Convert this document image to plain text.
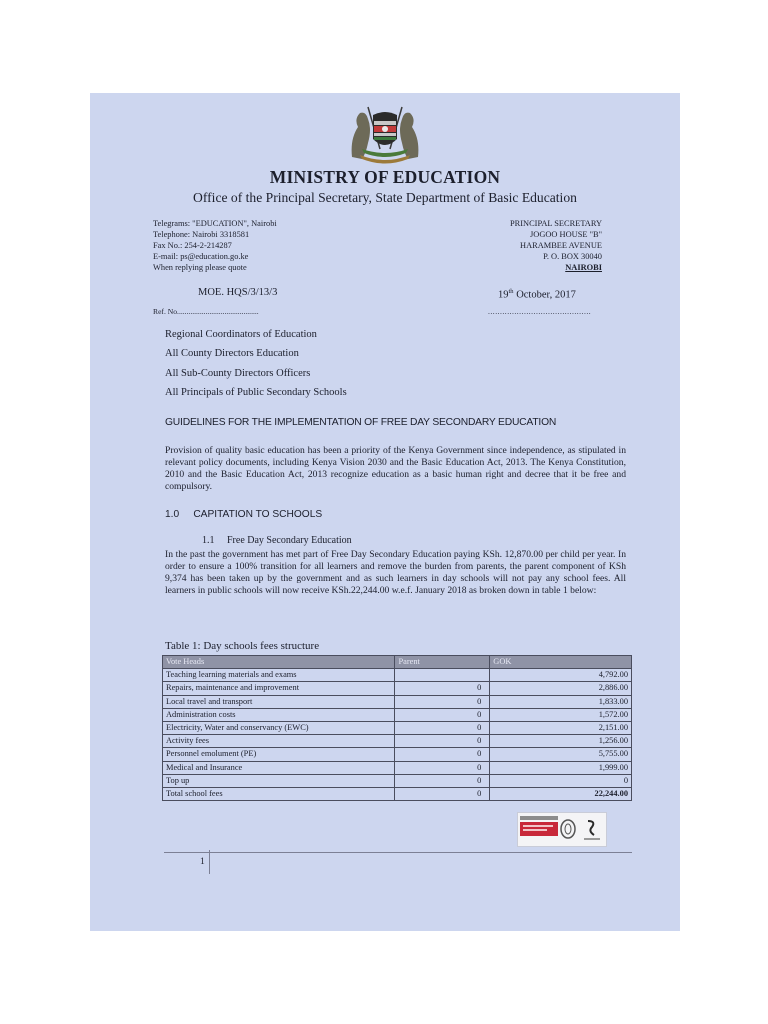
MINISTRY OF EDUCATION
Office of the Principal Secretary, State Department of Basic Education
Telegrams: "EDUCATION", Nairobi
Telephone: Nairobi 3318581
Fax No.: 254-2-214287
E-mail: ps@education.go.ke
When replying please quote
PRINCIPAL SECRETARY
JOGOO HOUSE "B"
HARAMBEE AVENUE
P. O. BOX 30040
NAIROBI
MOE. HQS/3/13/3	19th October, 2017
Ref. No...........................................	...........................................
Regional Coordinators of Education
All County Directors Education
All Sub-County Directors Officers
All Principals of Public Secondary Schools
GUIDELINES FOR THE IMPLEMENTATION OF FREE DAY SECONDARY EDUCATION
Provision of quality basic education has been a priority of the Kenya Government since independence, as stipulated in relevant policy documents, including Kenya Vision 2030 and the Basic Education Act, 2013. The Kenya Constitution, 2010 and the Basic Education Act, 2013 recognize education as a basic human right and decree that it be free and compulsory.
1.0     CAPITATION TO SCHOOLS
1.1     Free Day Secondary Education
In the past the government has met part of Free Day Secondary Education paying KSh. 12,870.00 per child per year. In order to ensure a 100% transition for all learners and remove the burden from parents, the parent component of KSh 9,374 has been taken up by the government and as such learners in day schools will not pay any school fees. All learners in public schools will now receive KSh.22,244.00 w.e.f. January 2018 as broken down in table 1 below:
Table 1: Day schools fees structure
Vote Heads	Parent	GOK
Teaching learning materials and exams		4,792.00
Repairs, maintenance and improvement	0	2,886.00
Local travel and transport	0	1,833.00
Administration costs	0	1,572.00
Electricity, Water and conservancy (EWC)	0	2,151.00
Activity fees	0	1,256.00
Personnel emolument (PE)	0	5,755.00
Medical and Insurance	0	1,999.00
Top up	0	0
Total school fees	0	22,244.00
1
